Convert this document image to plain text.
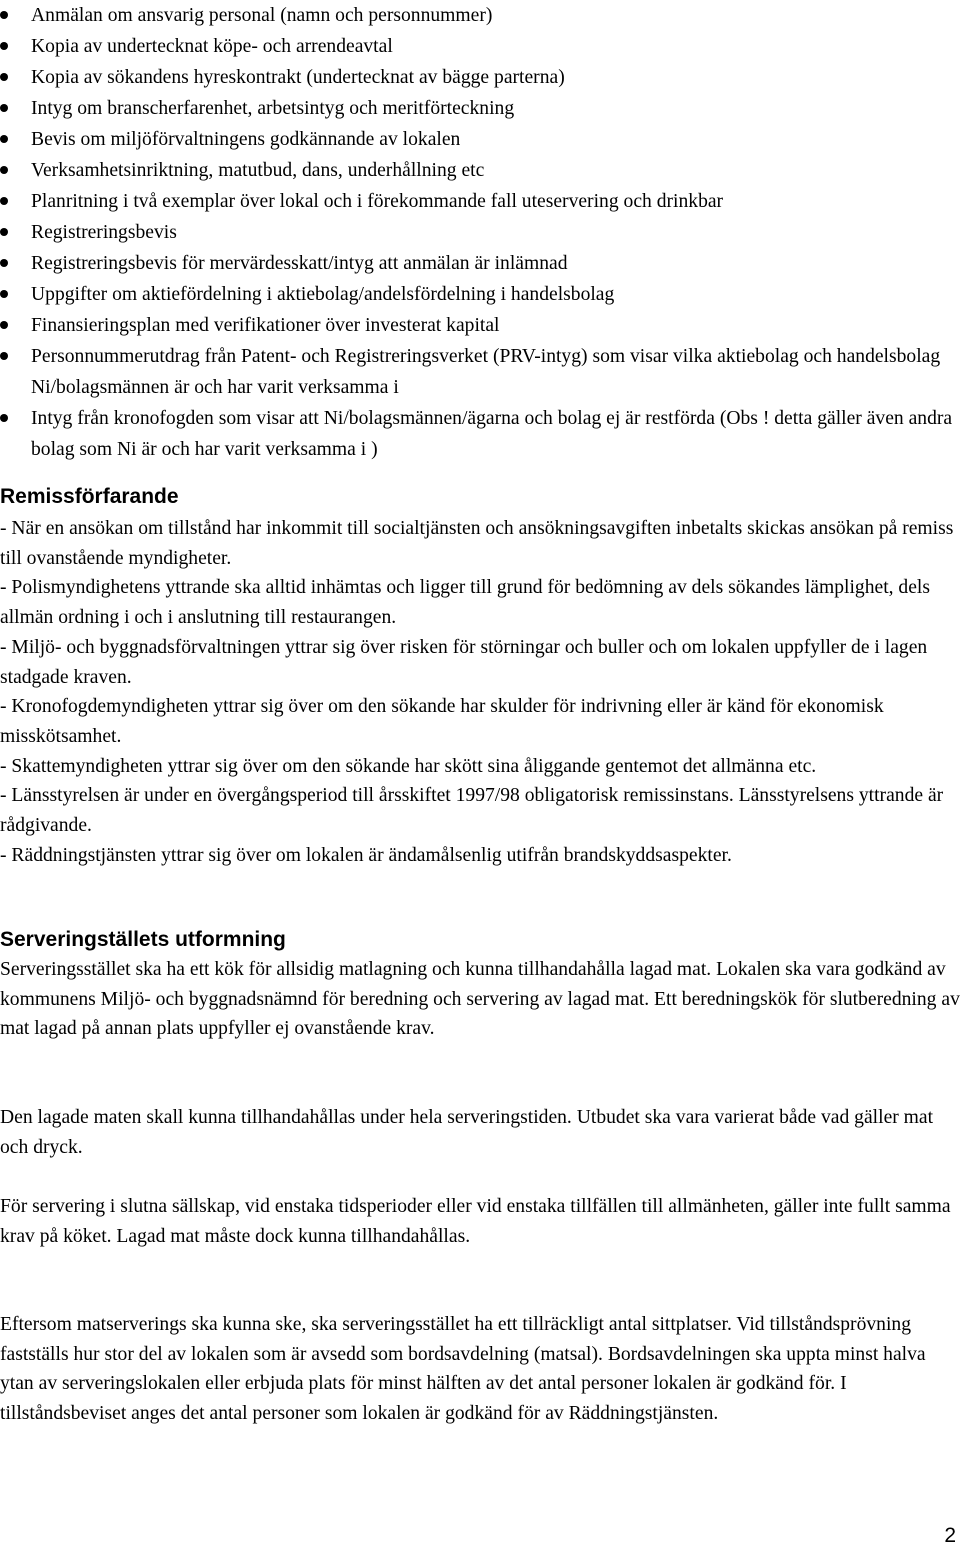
Anmälan om ansvarig personal (namn och personnummer)
Kopia av undertecknat köpe- och arrendeavtal
Kopia av sökandens hyreskontrakt (undertecknat av bägge parterna)
Intyg om branscherfarenhet, arbetsintyg och meritförteckning
Bevis om miljöförvaltningens godkännande av lokalen
Verksamhetsinriktning, matutbud, dans, underhållning etc
Planritning i två exemplar över lokal och i förekommande fall uteservering och drinkbar
Registreringsbevis
Registreringsbevis för mervärdesskatt/intyg att anmälan är inlämnad
Uppgifter om aktiefördelning i aktiebolag/andelsfördelning i handelsbolag
Finansieringsplan med verifikationer över investerat kapital
Personnummerutdrag från Patent- och Registreringsverket (PRV-intyg) som visar vilka aktiebolag och handelsbolag Ni/bolagsmännen är och har varit verksamma i
Intyg från kronofogden som visar att Ni/bolagsmännen/ägarna och bolag ej är restförda (Obs ! detta gäller även andra bolag som Ni är och har varit verksamma i )
Remissförfarande

- När en ansökan om tillstånd har inkommit till socialtjänsten och ansökningsavgiften inbetalts skickas ansökan på remiss till ovanstående myndigheter.

- Polismyndighetens yttrande ska alltid inhämtas och ligger till grund för bedömning av dels sökandes lämplighet, dels allmän ordning i och i anslutning till restaurangen.

- Miljö- och byggnadsförvaltningen yttrar sig över risken för störningar och buller och om lokalen uppfyller de i lagen stadgade kraven.

- Kronofogdemyndigheten yttrar sig över om den sökande har skulder för indrivning eller är känd för ekonomisk misskötsamhet.

- Skattemyndigheten yttrar sig över om den sökande har skött sina åliggande gentemot det allmänna etc.

- Länsstyrelsen är under en övergångsperiod till årsskiftet 1997/98 obligatorisk remissinstans. Länsstyrelsens yttrande är rådgivande.

- Räddningstjänsten yttrar sig över om lokalen är ändamålsenlig utifrån brandskyddsaspekter.

Serveringställets utformning

Serveringsstället ska ha ett kök för allsidig matlagning och kunna tillhandahålla lagad mat. Lokalen ska vara godkänd av kommunens Miljö- och byggnadsnämnd för beredning och servering av lagad mat. Ett beredningskök för slutberedning av mat lagad på annan plats uppfyller ej ovanstående krav.

Den lagade maten skall kunna tillhandahållas under hela serveringstiden. Utbudet ska vara varierat både vad gäller mat och dryck.

För servering i slutna sällskap, vid enstaka tidsperioder eller vid enstaka tillfällen till allmänheten, gäller inte fullt samma krav på köket. Lagad mat måste dock kunna tillhandahållas.

Eftersom matserverings ska kunna ske, ska serveringsstället ha ett tillräckligt antal sittplatser. Vid tillståndsprövning fastställs hur stor del av lokalen som är avsedd som bordsavdelning (matsal). Bordsavdelningen ska uppta minst halva ytan av serveringslokalen eller erbjuda plats för minst hälften av det antal personer lokalen är godkänd för. I tillståndsbeviset anges det antal personer som lokalen är godkänd för av Räddningstjänsten.

2
